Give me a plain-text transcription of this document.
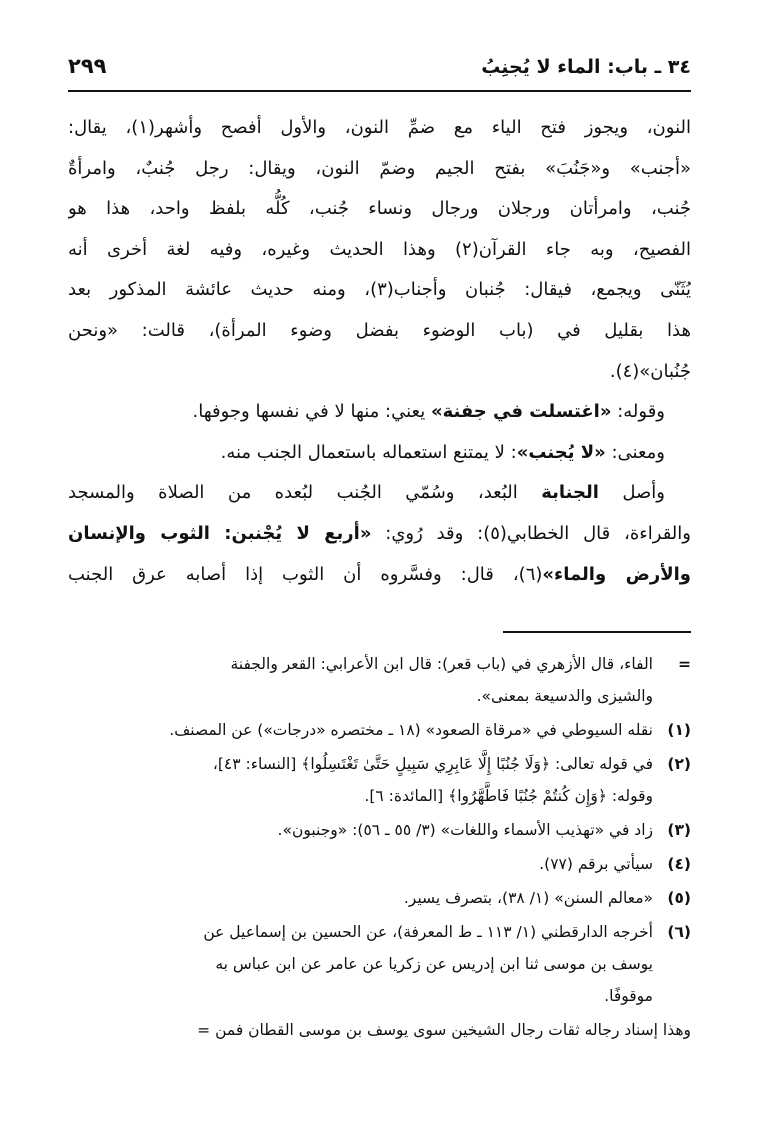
٣٤ ـ باب: الماء لا يُجنِبُ
٢٩٩
النون، ويجوز فتح الياء مع ضمِّ النون، والأول أفصح وأشهر(١)، يقال:
«أجنب» و«جَنُبَ» بفتح الجيم وضمّ النون، ويقال: رجل جُنبٌ، وامرأةٌ
جُنب، وامرأتان ورجلان ورجال ونساء جُنب، كُلُّه بلفظ واحد، هذا هو
الفصيح، وبه جاء القرآن(٢) وهذا الحديث وغيره، وفيه لغة أخرى أنه
يُثَنّى ويجمع، فيقال: جُنبان وأجناب(٣)، ومنه حديث عائشة المذكور بعد
هذا بقليل في (باب الوضوء بفضل وضوء المرأة)، قالت: «ونحن
جُنُبان»(٤).
وقوله: «اغتسلت في جفنة» يعني: منها لا في نفسها وجوفها.
ومعنى: «لا يُجنب»: لا يمتنع استعماله باستعمال الجنب منه.
وأصل الجنابة البُعد، وسُمّي الجُنب لبُعده من الصلاة والمسجد
والقراءة، قال الخطابي(٥): وقد رُوي: «أربع لا يُجْنبن: الثوب والإنسان
والأرض والماء»(٦)، قال: وفسَّروه أن الثوب إذا أصابه عرق الجنب
=
الفاء، قال الأزهري في (باب قعر): قال ابن الأعرابي: القعر والجفنة
والشيزى والدسيعة بمعنى».
(١)
نقله السيوطي في «مرقاة الصعود» (١٨ ـ مختصره «درجات») عن المصنف.
(٢)
في قوله تعالى: ﴿وَلَا جُنُبًا إِلَّا عَابِرِي سَبِيلٍ حَتَّىٰ تَغْتَسِلُوا﴾ [النساء: ٤٣]،
وقوله: ﴿وَإِن كُنتُمْ جُنُبًا فَاطَّهَّرُوا﴾ [المائدة: ٦].
(٣)
زاد في «تهذيب الأسماء واللغات» (٣/ ٥٥ ـ ٥٦): «وجنبون».
(٤)
سيأتي برقم (٧٧).
(٥)
«معالم السنن» (١/ ٣٨)، بتصرف يسير.
(٦)
أخرجه الدارقطني (١/ ١١٣ ـ ط المعرفة)، عن الحسين بن إسماعيل عن
يوسف بن موسى ثنا ابن إدريس عن زكريا عن عامر عن ابن عباس به
موقوفًا.
وهذا إسناد رجاله ثقات رجال الشيخين سوى يوسف بن موسى القطان فمن =
